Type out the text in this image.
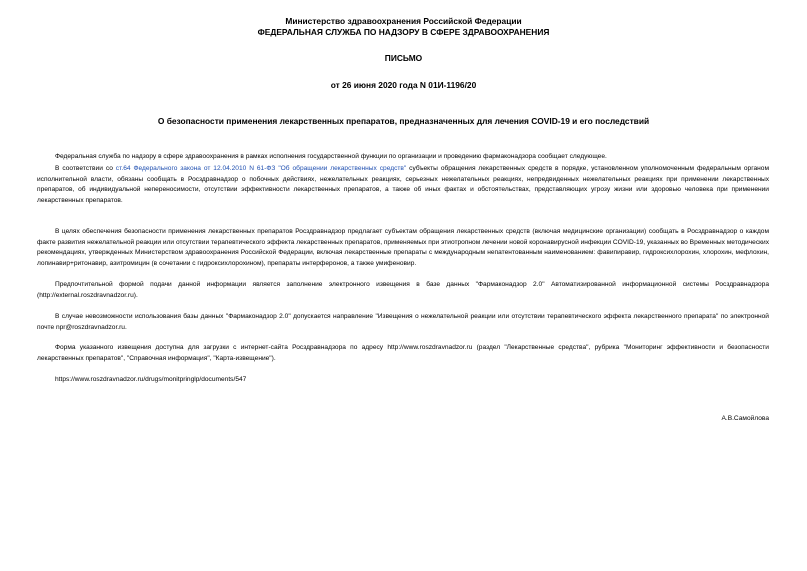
Министерство здравоохранения Российской Федерации
ФЕДЕРАЛЬНАЯ СЛУЖБА ПО НАДЗОРУ В СФЕРЕ ЗДРАВООХРАНЕНИЯ
ПИСЬМО
от 26 июня 2020 года N 01И-1196/20
О безопасности применения лекарственных препаратов, предназначенных для лечения COVID-19 и его последствий
Федеральная служба по надзору в сфере здравоохранения в рамках исполнения государственной функции по организации и проведению фармаконадзора сообщает следующее.
В соответствии со ст.64 Федерального закона от 12.04.2010 N 61-ФЗ "Об обращении лекарственных средств" субъекты обращения лекарственных средств в порядке, установленном уполномоченным федеральным органом исполнительной власти, обязаны сообщать в Росздравнадзор о побочных действиях, нежелательных реакциях, серьезных нежелательных реакциях, непредвиденных нежелательных реакциях при применении лекарственных препаратов, об индивидуальной непереносимости, отсутствии эффективности лекарственных препаратов, а также об иных фактах и обстоятельствах, представляющих угрозу жизни или здоровью человека при применении лекарственных препаратов.
В целях обеспечения безопасности применения лекарственных препаратов Росздравнадзор предлагает субъектам обращения лекарственных средств (включая медицинские организации) сообщать в Росздравнадзор о каждом факте развития нежелательной реакции или отсутствии терапевтического эффекта лекарственных препаратов, применяемых при этиотропном лечении новой коронавирусной инфекции COVID-19, указанных во Временных методических рекомендациях, утвержденных Министерством здравоохранения Российской Федерации, включая лекарственные препараты с международным непатентованным наименованием: фавипиравир, гидроксихлорохин, хлорохин, мефлохин, лопинавир+ритонавир, азитромицин (в сочетании с гидроксихлорохином), препараты интерферонов, а также умифеновир.
Предпочтительной формой подачи данной информации является заполнение электронного извещения в базе данных "Фармаконадзор 2.0" Автоматизированной информационной системы Росздравнадзора (http://external.roszdravnadzor.ru).
В случае невозможности использования базы данных "Фармаконадзор 2.0" допускается направление "Извещения о нежелательной реакции или отсутствии терапевтического эффекта лекарственного препарата" по электронной почте npr@roszdravnadzor.ru.
Форма указанного извещения доступна для загрузки с интернет-сайта Росздравнадзора по адресу http://www.roszdravnadzor.ru (раздел "Лекарственные средства", рубрика "Мониторинг эффективности и безопасности лекарственных препаратов", "Справочная информация", "Карта-извещение").
https://www.roszdravnadzor.ru/drugs/monitpringlp/documents/547
А.В.Самойлова
